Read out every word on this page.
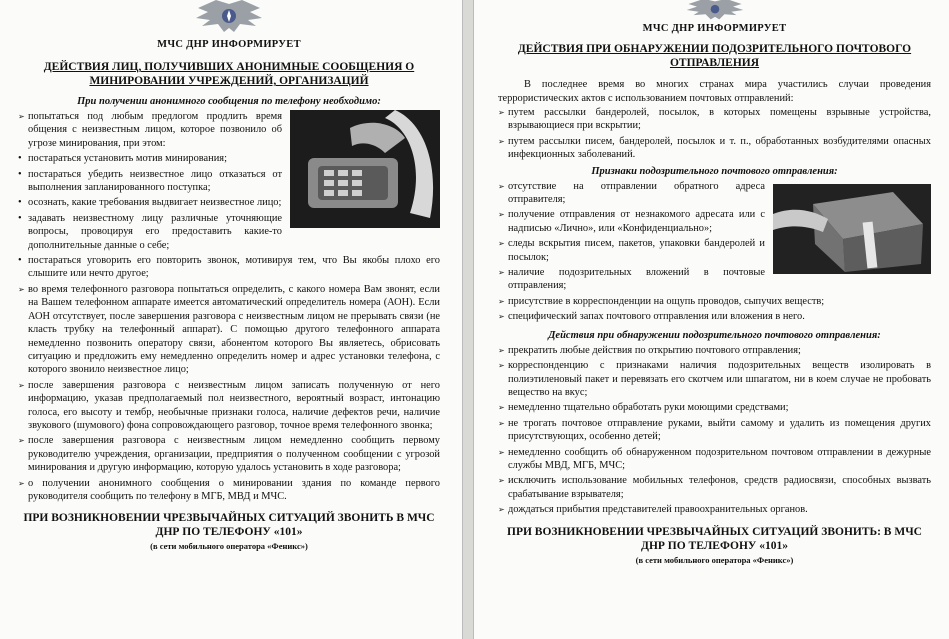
МЧС ДНР ИНФОРМИРУЕТ
ДЕЙСТВИЯ ЛИЦ, ПОЛУЧИВШИХ АНОНИМНЫЕ СООБЩЕНИЯ О МИНИРОВАНИИ УЧРЕЖДЕНИЙ, ОРГАНИЗАЦИЙ
При получении анонимного сообщения по телефону необходимо:
➢ попытаться под любым предлогом продлить время общения с неизвестным лицом, которое позвонило об угрозе минирования, при этом:
• постараться установить мотив минирования;
• постараться убедить неизвестное лицо отказаться от выполнения запланированного поступка;
• осознать, какие требования выдвигает неизвестное лицо;
• задавать неизвестному лицу различные уточняющие вопросы, провоцируя его предоставить какие-то дополнительные данные о себе;
• постараться уговорить его повторить звонок, мотивируя тем, что Вы якобы плохо его слышите или нечто другое;
➢ во время телефонного разговора попытаться определить, с какого номера Вам звонят, если на Вашем телефонном аппарате имеется автоматический определитель номера (АОН). Если АОН отсутствует, после завершения разговора с неизвестным лицом не прерывать связи (не класть трубку на телефонный аппарат). С помощью другого телефонного аппарата немедленно позвонить оператору связи, абонентом которого Вы являетесь, обрисовать ситуацию и предложить ему немедленно определить номер и адрес установки телефона, с которого звонило неизвестное лицо;
➢ после завершения разговора с неизвестным лицом записать полученную от него информацию, указав предполагаемый пол неизвестного, вероятный возраст, интонацию голоса, его высоту и тембр, необычные признаки голоса, наличие дефектов речи, наличие звукового (шумового) фона сопровождающего разговор, точное время телефонного звонка;
➢ после завершения разговора с неизвестным лицом немедленно сообщить первому руководителю учреждения, организации, предприятия о полученном сообщении с угрозой минирования и другую информацию, которую удалось установить в ходе разговора;
➢ о получении анонимного сообщения о минировании здания по команде первого руководителя сообщить по телефону в МГБ, МВД и МЧС.
ПРИ ВОЗНИКНОВЕНИИ ЧРЕЗВЫЧАЙНЫХ СИТУАЦИЙ ЗВОНИТЬ В МЧС ДНР ПО ТЕЛЕФОНУ «101»
(в сети мобильного оператора «Феникс»)
МЧС ДНР ИНФОРМИРУЕТ
ДЕЙСТВИЯ ПРИ ОБНАРУЖЕНИИ ПОДОЗРИТЕЛЬНОГО ПОЧТОВОГО ОТПРАВЛЕНИЯ

В последнее время во многих странах мира участились случаи проведения террористических актов с использованием почтовых отправлений:

➢ путем рассылки бандеролей, посылок, в которых помещены взрывные устройства, взрывающиеся при вскрытии;
➢ путем рассылки писем, бандеролей, посылок и т. п., обработанных возбудителями опасных инфекционных заболеваний.
Признаки подозрительного почтового отправления:
➢ отсутствие на отправлении обратного адреса отправителя;
➢ получение отправления от незнакомого адресата или с надписью «Лично», или «Конфиденциально»;
➢ следы вскрытия писем, пакетов, упаковки бандеролей и посылок;
➢ наличие подозрительных вложений в почтовые отправления;
➢ присутствие в корреспонденции на ощупь проводов, сыпучих веществ;
➢ специфический запах почтового отправления или вложения в него.
Действия при обнаружении подозрительного почтового отправления:
➢ прекратить любые действия по открытию почтового отправления;
➢ корреспонденцию с признаками наличия подозрительных веществ изолировать в полиэтиленовый пакет и перевязать его скотчем или шпагатом, ни в коем случае не пробовать вещество на вкус;
➢ немедленно тщательно обработать руки моющими средствами;
➢ не трогать почтовое отправление руками, выйти самому и удалить из помещения других присутствующих, особенно детей;
➢ немедленно сообщить об обнаруженном подозрительном почтовом отправлении в дежурные службы МВД, МГБ, МЧС;
➢ исключить использование мобильных телефонов, средств радиосвязи, способных вызвать срабатывание взрывателя;
➢ дождаться прибытия представителей правоохранительных органов.
ПРИ ВОЗНИКНОВЕНИИ ЧРЕЗВЫЧАЙНЫХ СИТУАЦИЙ ЗВОНИТЬ: В МЧС ДНР ПО ТЕЛЕФОНУ «101»
(в сети мобильного оператора «Феникс»)
